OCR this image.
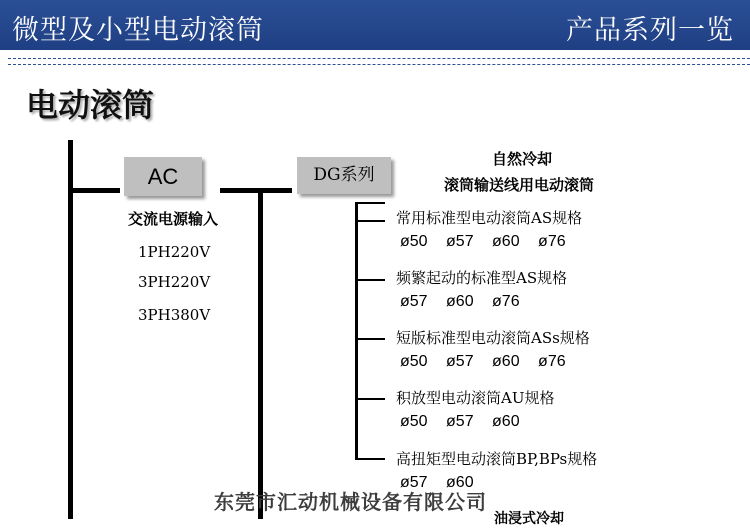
微型及小型电动滚筒	产品系列一览
电动滚筒
AC
交流电源输入
1PH220V
3PH220V
3PH380V
DG系列
自然冷却
滚筒输送线用电动滚筒
常用标准型电动滚筒AS规格
ø50 ø57 ø60 ø76
频繁起动的标准型AS规格
ø57 ø60 ø76
短版标准型电动滚筒ASs规格
ø50 ø57 ø60 ø76
积放型电动滚筒AU规格
ø50 ø57 ø60
高扭矩型电动滚筒BP,BPs规格
ø57 ø60
东莞市汇动机械设备有限公司
油浸式冷却
